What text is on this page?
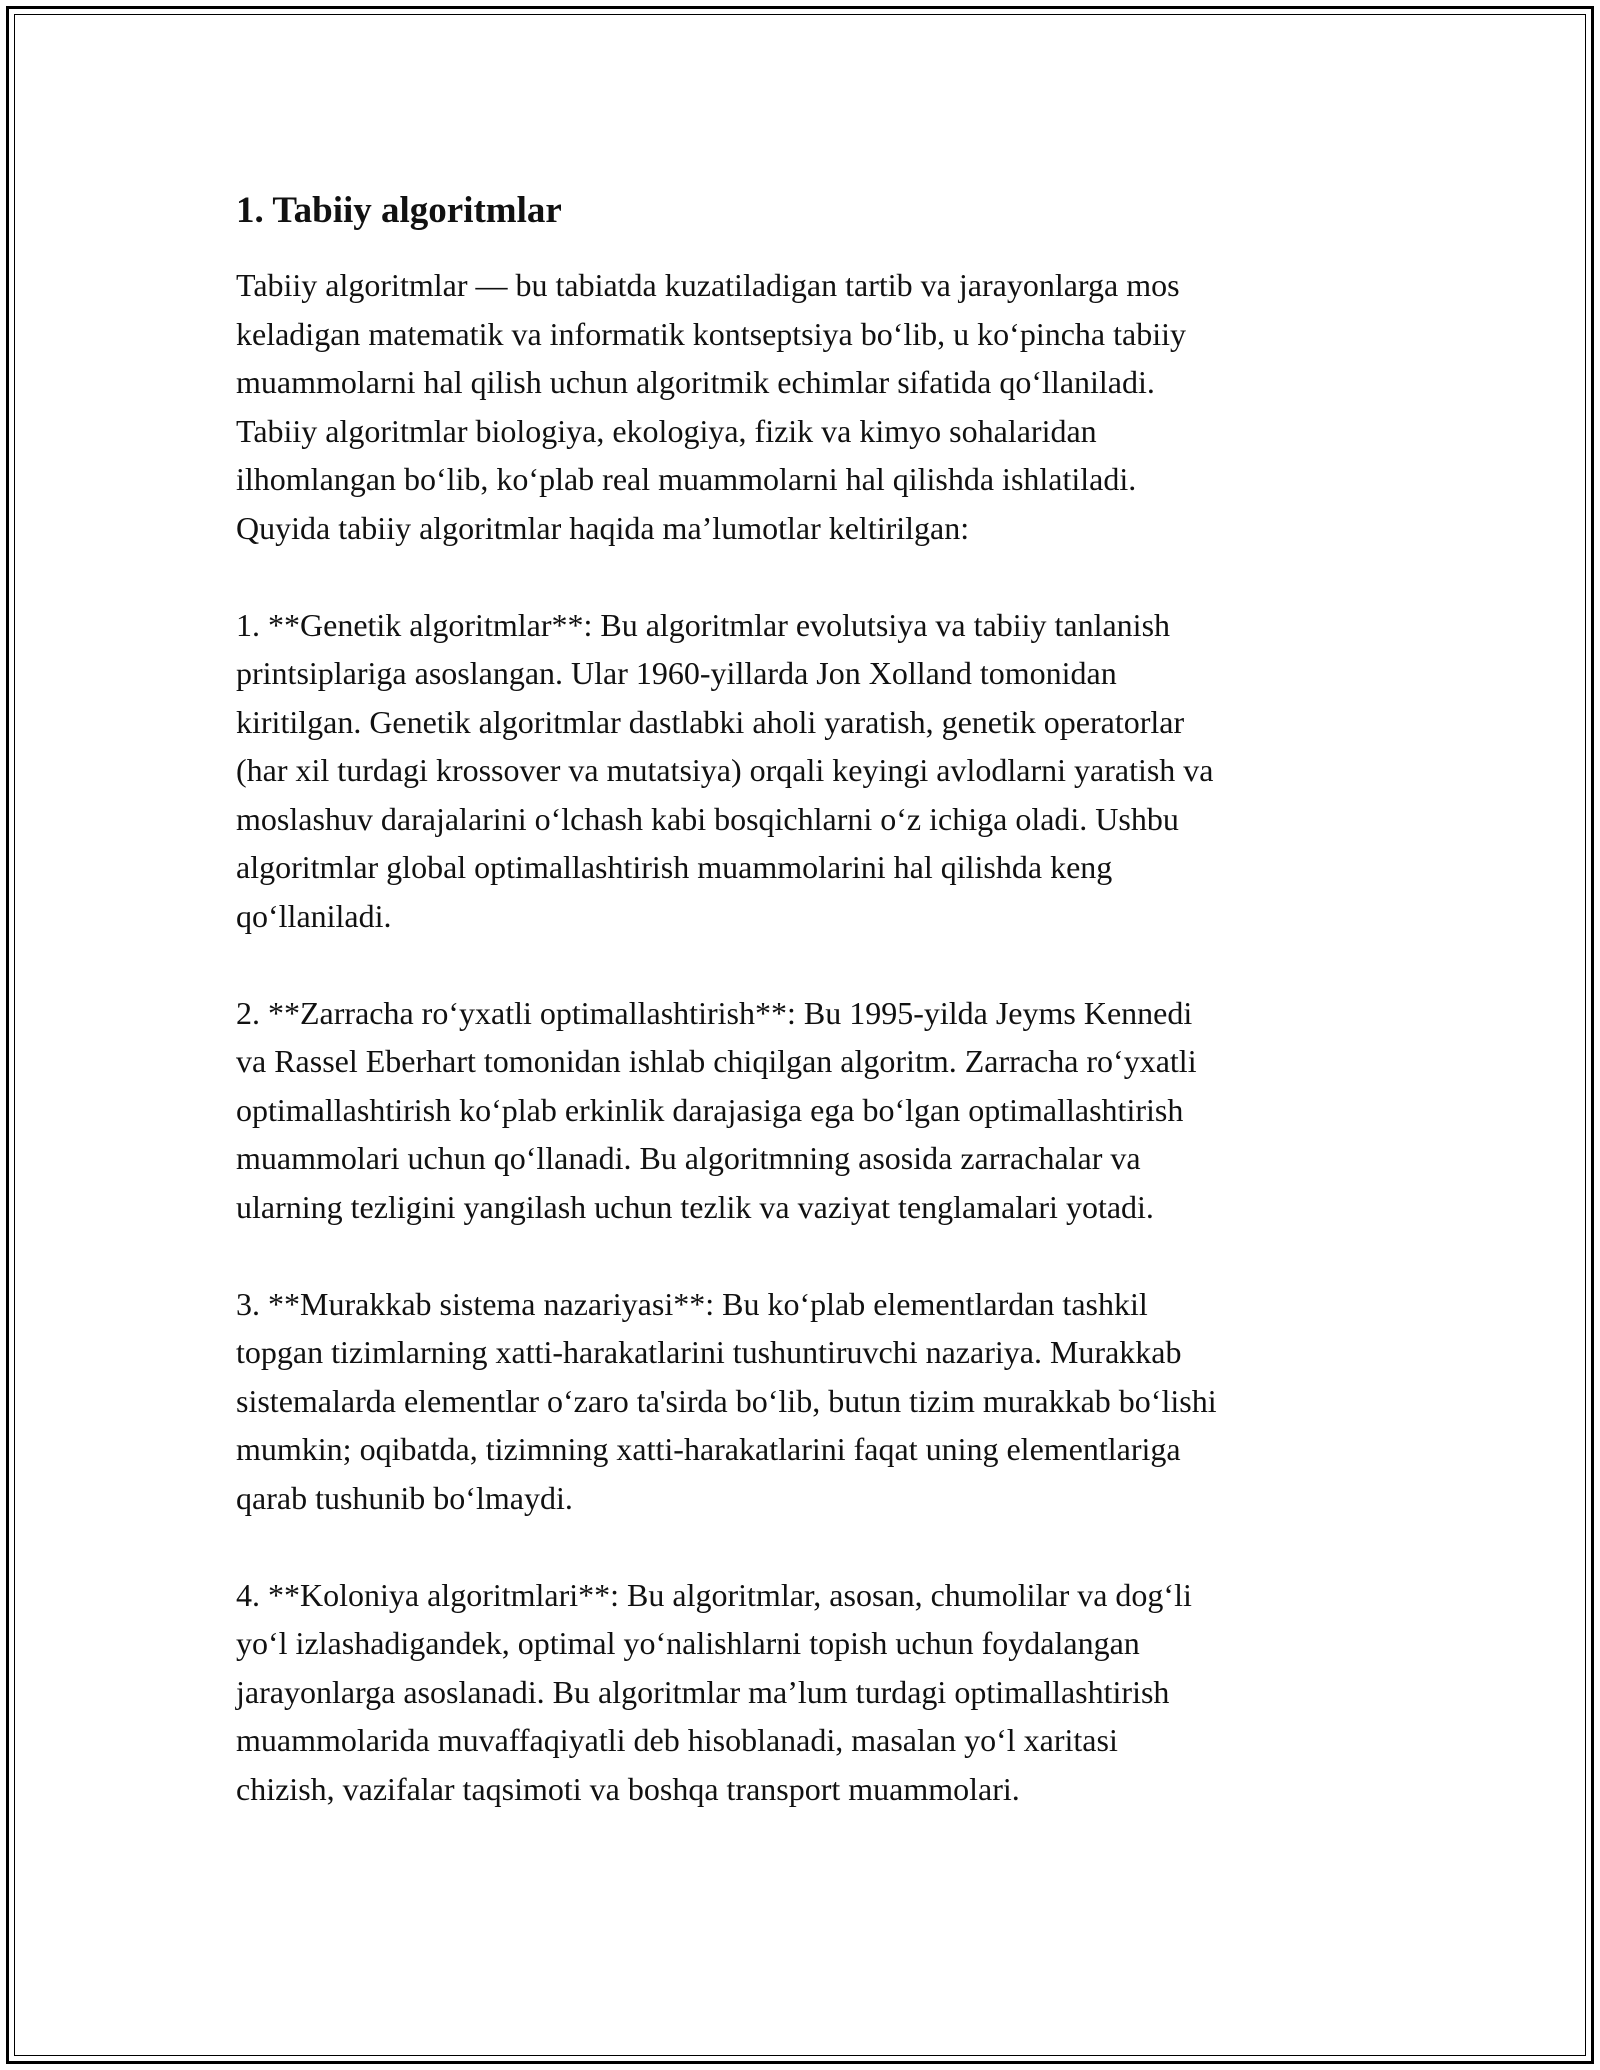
1. Tabiiy algoritmlar

Tabiiy algoritmlar — bu tabiatda kuzatiladigan tartib va jarayonlarga mos
keladigan matematik va informatik kontseptsiya bo‘lib, u ko‘pincha tabiiy
muammolarni hal qilish uchun algoritmik echimlar sifatida qo‘llaniladi.
Tabiiy algoritmlar biologiya, ekologiya, fizik va kimyo sohalaridan
ilhomlangan bo‘lib, ko‘plab real muammolarni hal qilishda ishlatiladi.
Quyida tabiiy algoritmlar haqida ma’lumotlar keltirilgan:

1. **Genetik algoritmlar**: Bu algoritmlar evolutsiya va tabiiy tanlanish
printsiplariga asoslangan. Ular 1960-yillarda Jon Xolland tomonidan
kiritilgan. Genetik algoritmlar dastlabki aholi yaratish, genetik operatorlar
(har xil turdagi krossover va mutatsiya) orqali keyingi avlodlarni yaratish va
moslashuv darajalarini o‘lchash kabi bosqichlarni o‘z ichiga oladi. Ushbu
algoritmlar global optimallashtirish muammolarini hal qilishda keng
qo‘llaniladi.

2. **Zarracha ro‘yxatli optimallashtirish**: Bu 1995-yilda Jeyms Kennedi
va Rassel Eberhart tomonidan ishlab chiqilgan algoritm. Zarracha ro‘yxatli
optimallashtirish ko‘plab erkinlik darajasiga ega bo‘lgan optimallashtirish
muammolari uchun qo‘llanadi. Bu algoritmning asosida zarrachalar va
ularning tezligini yangilash uchun tezlik va vaziyat tenglamalari yotadi.

3. **Murakkab sistema nazariyasi**: Bu ko‘plab elementlardan tashkil
topgan tizimlarning xatti-harakatlarini tushuntiruvchi nazariya. Murakkab
sistemalarda elementlar o‘zaro ta'sirda bo‘lib, butun tizim murakkab bo‘lishi
mumkin; oqibatda, tizimning xatti-harakatlarini faqat uning elementlariga
qarab tushunib bo‘lmaydi.

4. **Koloniya algoritmlari**: Bu algoritmlar, asosan, chumolilar va dog‘li
yo‘l izlashadigandek, optimal yo‘nalishlarni topish uchun foydalangan
jarayonlarga asoslanadi. Bu algoritmlar ma’lum turdagi optimallashtirish
muammolarida muvaffaqiyatli deb hisoblanadi, masalan yo‘l xaritasi
chizish, vazifalar taqsimoti va boshqa transport muammolari.
